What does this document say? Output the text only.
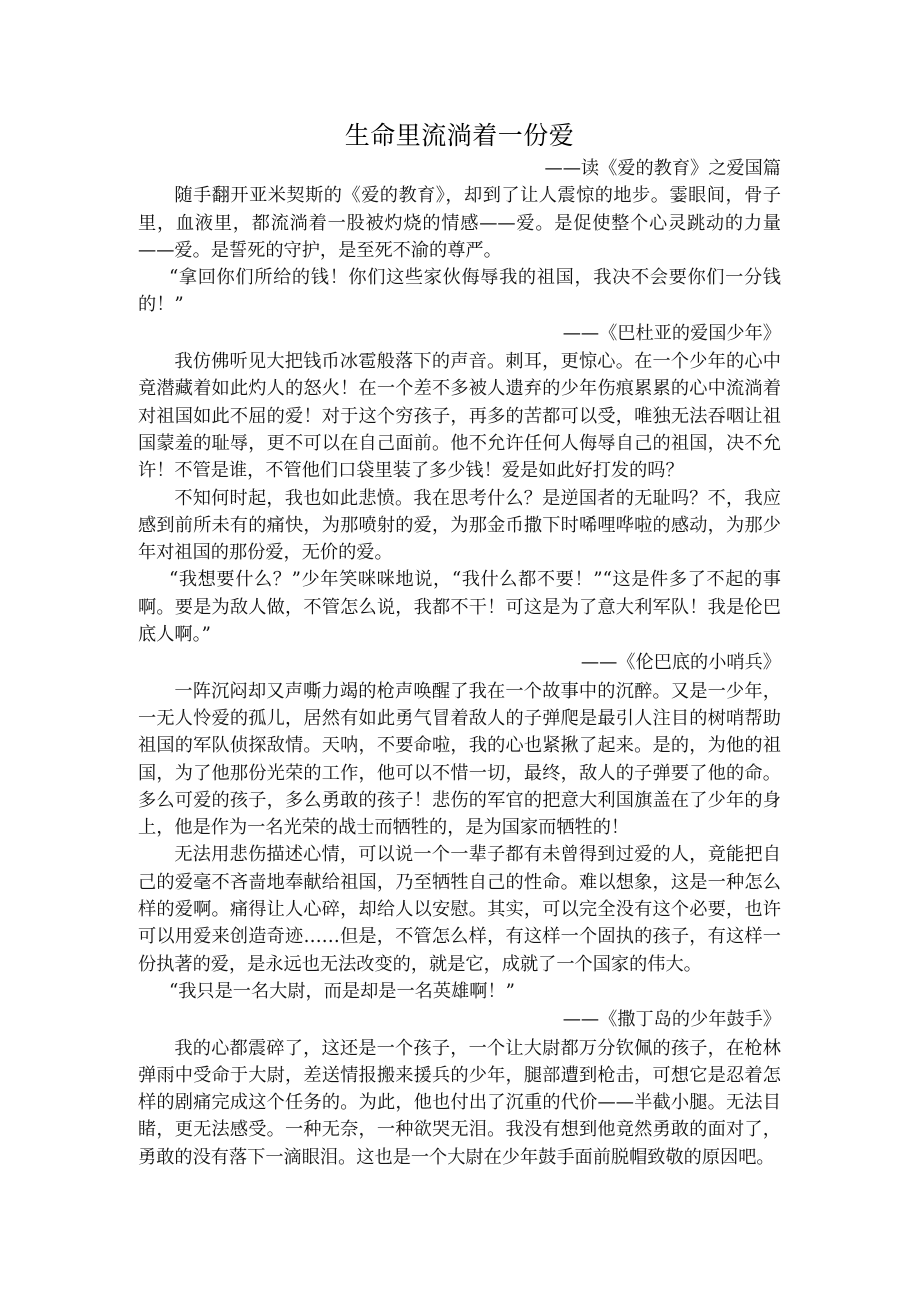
生命里流淌着一份爱
——读《爱的教育》之爱国篇

随手翻开亚米契斯的《爱的教育》，却到了让人震惊的地步。霎眼间，骨子里，血液里，都流淌着一股被灼烧的情感——爱。是促使整个心灵跳动的力量——爱。是誓死的守护，是至死不渝的尊严。

“拿回你们所给的钱！你们这些家伙侮辱我的祖国，我决不会要你们一分钱的！”

——《巴杜亚的爱国少年》

我仿佛听见大把钱币冰雹般落下的声音。刺耳，更惊心。在一个少年的心中竟潜藏着如此灼人的怒火！在一个差不多被人遗弃的少年伤痕累累的心中流淌着对祖国如此不屈的爱！对于这个穷孩子，再多的苦都可以受，唯独无法吞咽让祖国蒙羞的耻辱，更不可以在自己面前。他不允许任何人侮辱自己的祖国，决不允许！不管是谁，不管他们口袋里装了多少钱！爱是如此好打发的吗？

不知何时起，我也如此悲愤。我在思考什么？是逆国者的无耻吗？不，我应感到前所未有的痛快，为那喷射的爱，为那金币撒下时唏哩哗啦的感动，为那少年对祖国的那份爱，无价的爱。

“我想要什么？”少年笑咪咪地说，“我什么都不要！”“这是件多了不起的事啊。要是为敌人做，不管怎么说，我都不干！可这是为了意大利军队！我是伦巴底人啊。”

——《伦巴底的小哨兵》

一阵沉闷却又声嘶力竭的枪声唤醒了我在一个故事中的沉醉。又是一少年，一无人怜爱的孤儿，居然有如此勇气冒着敌人的子弹爬是最引人注目的树哨帮助祖国的军队侦探敌情。天呐，不要命啦，我的心也紧揪了起来。是的，为他的祖国，为了他那份光荣的工作，他可以不惜一切，最终，敌人的子弹要了他的命。多么可爱的孩子，多么勇敢的孩子！悲伤的军官的把意大利国旗盖在了少年的身上，他是作为一名光荣的战士而牺牲的，是为国家而牺牲的！

无法用悲伤描述心情，可以说一个一辈子都有未曾得到过爱的人，竟能把自己的爱毫不吝啬地奉献给祖国，乃至牺牲自己的性命。难以想象，这是一种怎么样的爱啊。痛得让人心碎，却给人以安慰。其实，可以完全没有这个必要，也许可以用爱来创造奇迹……但是，不管怎么样，有这样一个固执的孩子，有这样一份执著的爱，是永远也无法改变的，就是它，成就了一个国家的伟大。

“我只是一名大尉，而是却是一名英雄啊！”

——《撒丁岛的少年鼓手》

我的心都震碎了，这还是一个孩子，一个让大尉都万分钦佩的孩子，在枪林弹雨中受命于大尉，差送情报搬来援兵的少年，腿部遭到枪击，可想它是忍着怎样的剧痛完成这个任务的。为此，他也付出了沉重的代价——半截小腿。无法目睹，更无法感受。一种无奈，一种欲哭无泪。我没有想到他竟然勇敢的面对了，勇敢的没有落下一滴眼泪。这也是一个大尉在少年鼓手面前脱帽致敬的原因吧。
